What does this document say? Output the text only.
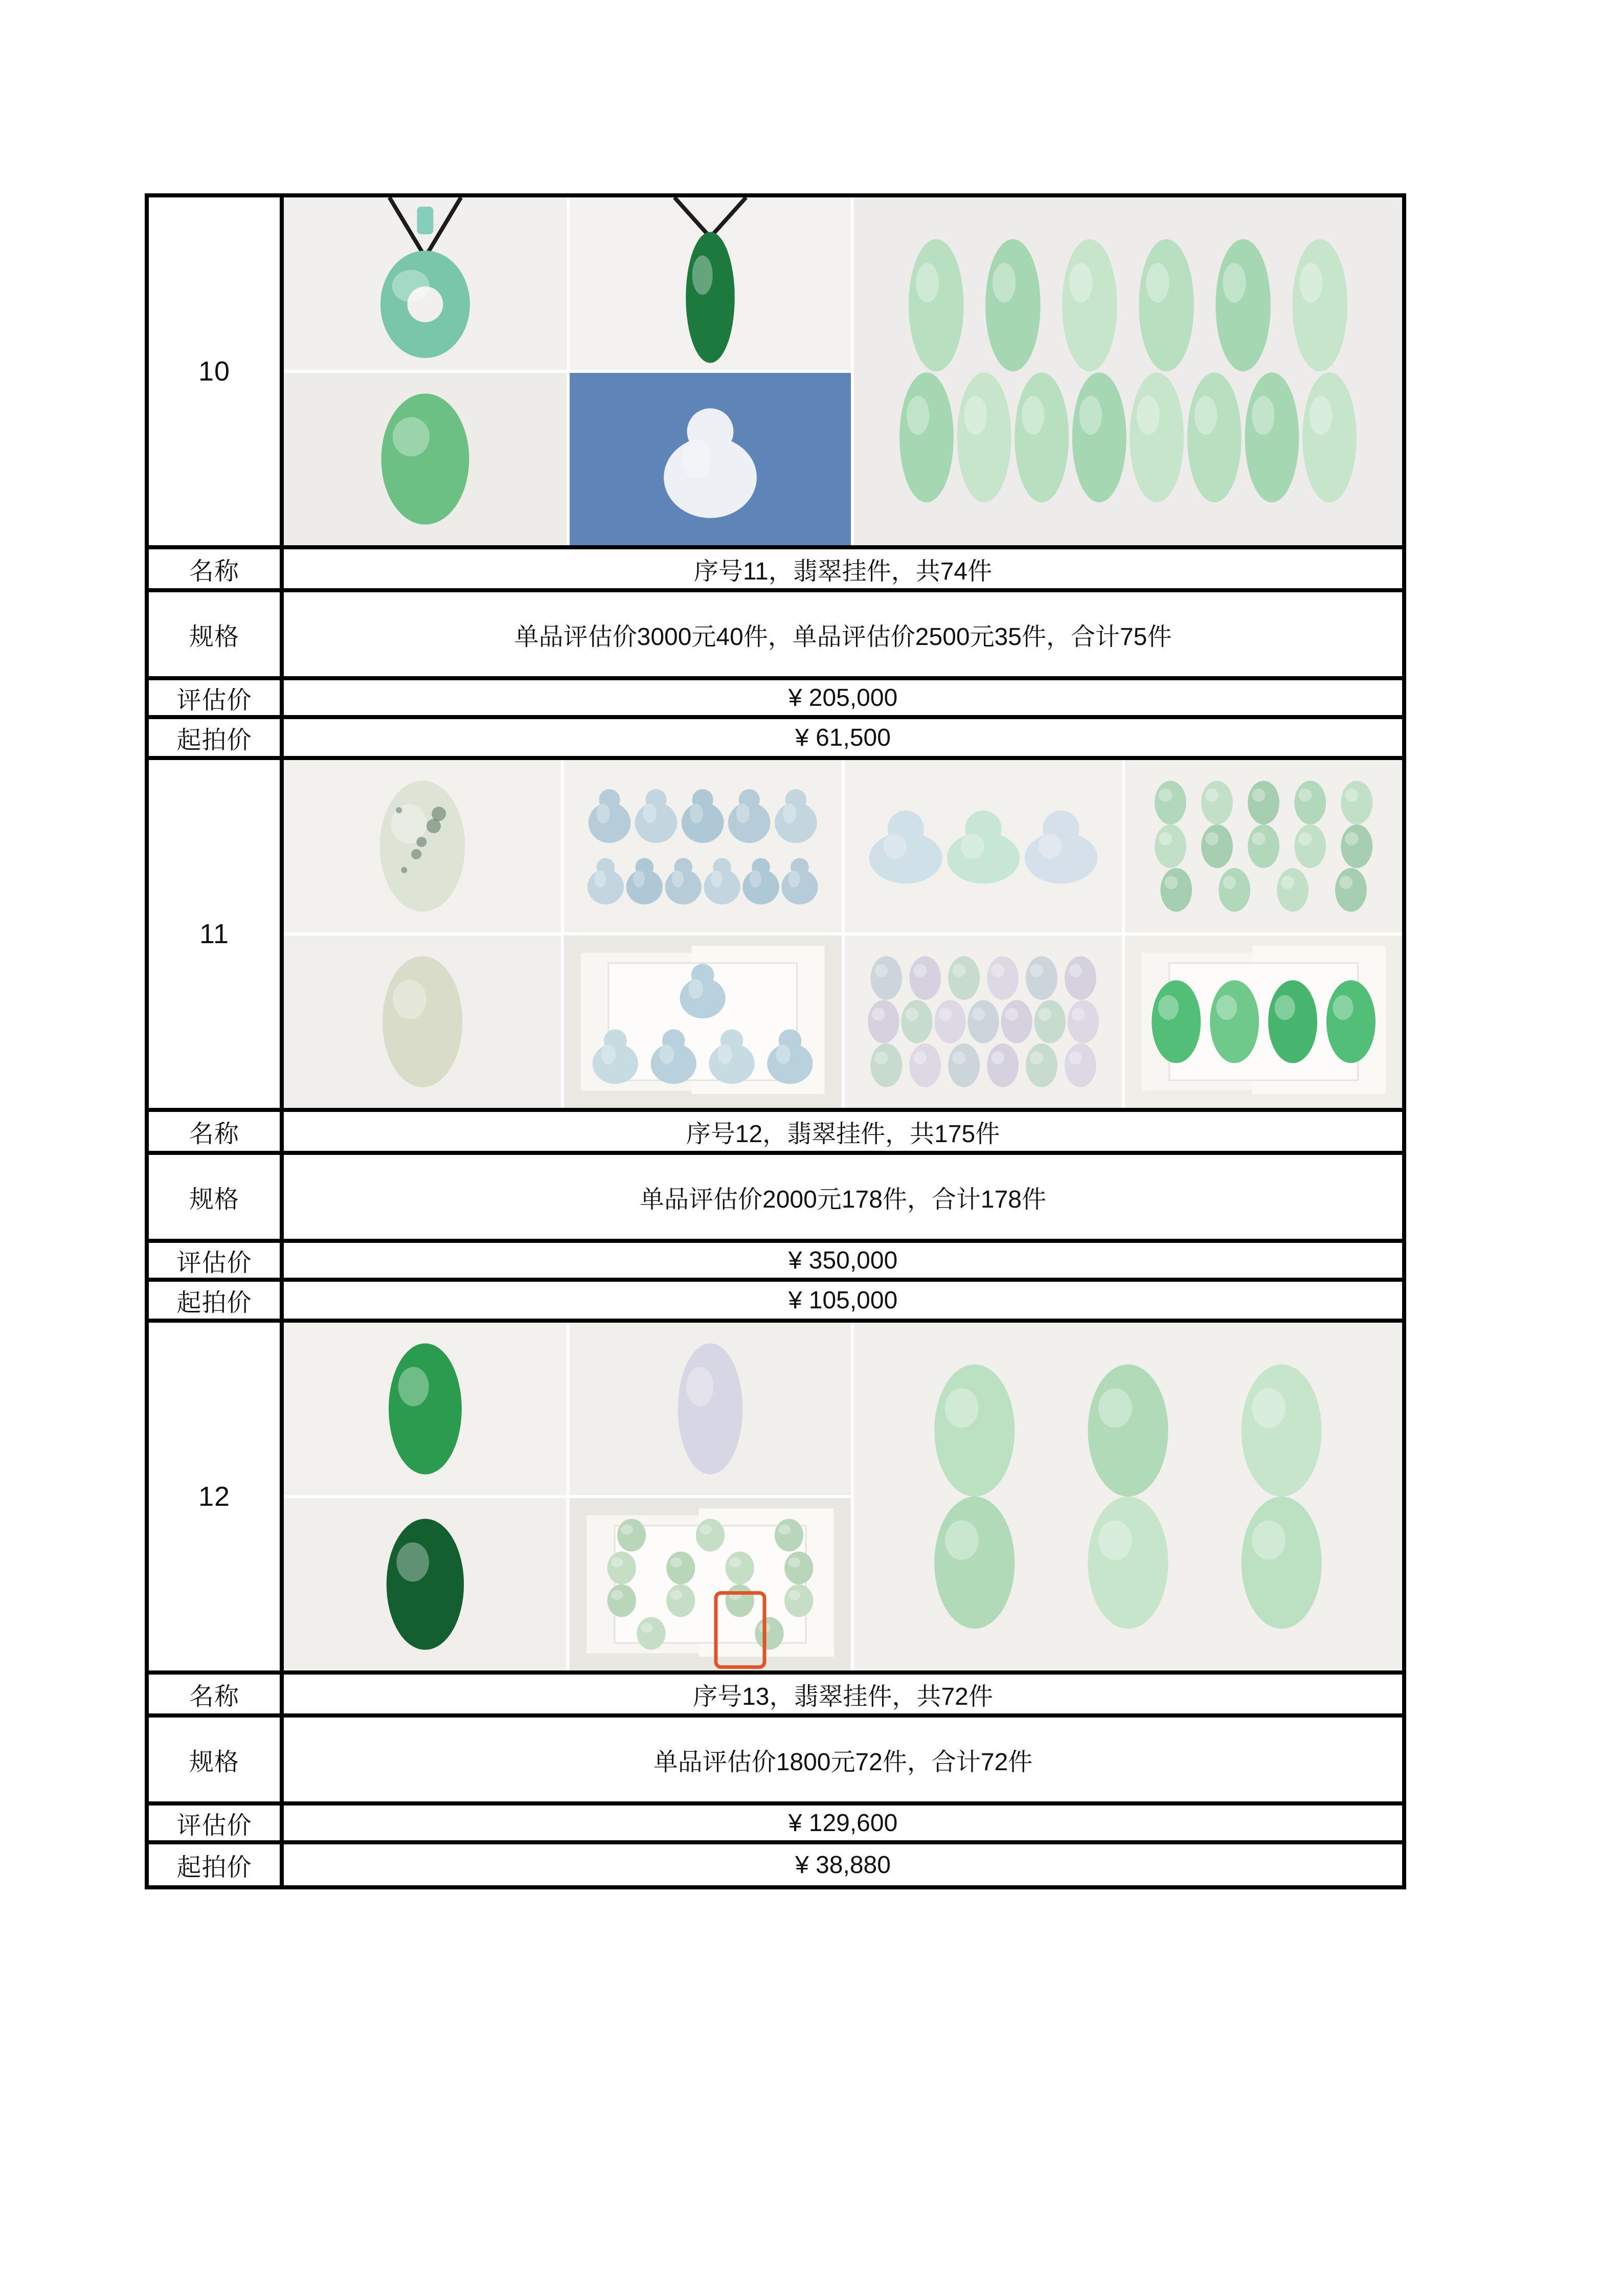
10
名称	序号11，翡翠挂件，共74件
规格	单品评估价3000元40件，单品评估价2500元35件，合计75件
评估价	¥ 205,000
起拍价	¥ 61,500
11
名称	序号12，翡翠挂件，共175件
规格	单品评估价2000元178件，合计178件
评估价	¥ 350,000
起拍价	¥ 105,000
12
名称	序号13，翡翠挂件，共72件
规格	单品评估价1800元72件，合计72件
评估价	¥ 129,600
起拍价	¥ 38,880
